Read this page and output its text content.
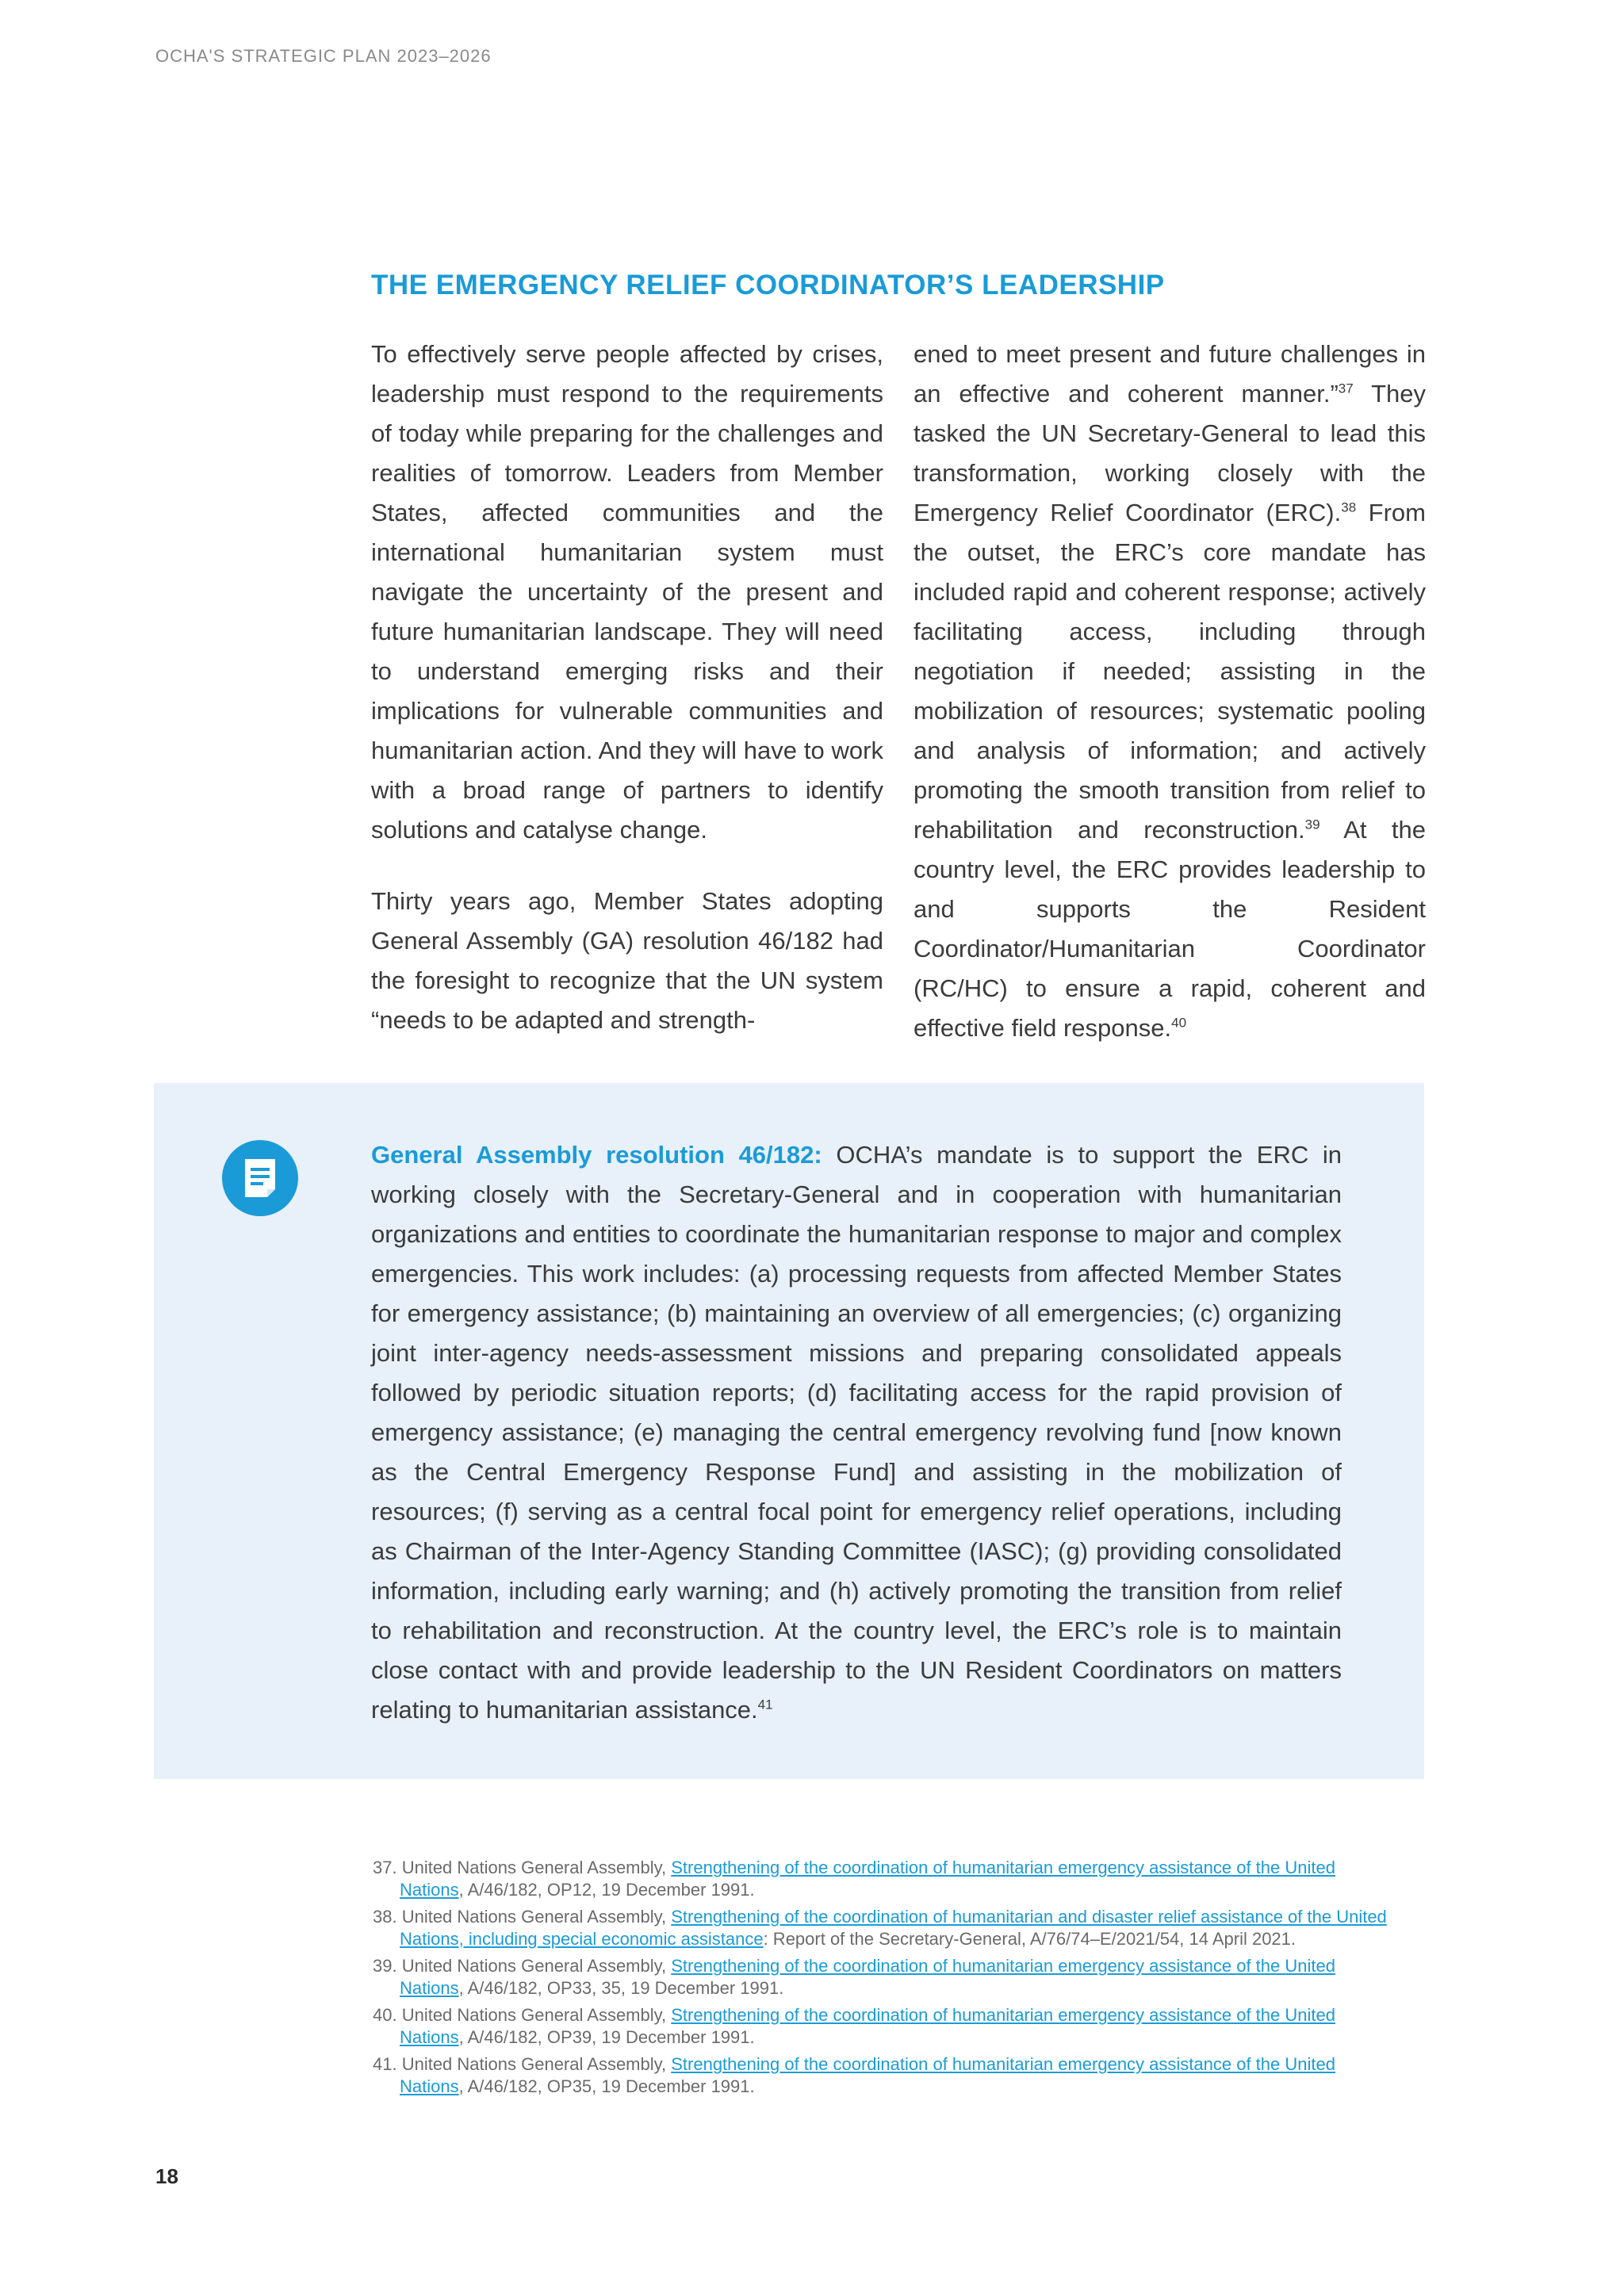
OCHA'S STRATEGIC PLAN 2023–2026
THE EMERGENCY RELIEF COORDINATOR’S LEADERSHIP

To effectively serve people affected by crises, leadership must respond to the requirements of today while preparing for the challenges and realities of tomorrow. Leaders from Member States, affected communities and the international humanitarian system must navigate the uncertainty of the present and future humanitarian landscape. They will need to understand emerging risks and their implications for vulnerable communities and humanitarian action. And they will have to work with a broad range of partners to identify solutions and catalyse change.

Thirty years ago, Member States adopting General Assembly (GA) resolution 46/182 had the foresight to recognize that the UN system “needs to be adapted and strength-

ened to meet present and future challenges in an effective and coherent manner.”$^{37}$ They tasked the UN Secretary-General to lead this transformation, working closely with the Emergency Relief Coordinator (ERC).$^{38}$ From the outset, the ERC’s core mandate has included rapid and coherent response; actively facilitating access, including through negotiation if needed; assisting in the mobilization of resources; systematic pooling and analysis of information; and actively promoting the smooth transition from relief to rehabilitation and reconstruction.$^{39}$ At the country level, the ERC provides leadership to and supports the Resident Coordinator/Humanitarian Coordinator (RC/HC) to ensure a rapid, coherent and effective field response.$^{40}$

General Assembly resolution 46/182: OCHA’s mandate is to support the ERC in working closely with the Secretary-General and in cooperation with humanitarian organizations and entities to coordinate the humanitarian response to major and complex emergencies. This work includes: (a) processing requests from affected Member States for emergency assistance; (b) maintaining an overview of all emergencies; (c) organizing joint inter-agency needs-assessment missions and preparing consolidated appeals followed by periodic situation reports; (d) facilitating access for the rapid provision of emergency assistance; (e) managing the central emergency revolving fund [now known as the Central Emergency Response Fund] and assisting in the mobilization of resources; (f) serving as a central focal point for emergency relief operations, including as Chairman of the Inter-Agency Standing Committee (IASC); (g) providing consolidated information, including early warning; and (h) actively promoting the transition from relief to rehabilitation and reconstruction. At the country level, the ERC’s role is to maintain close contact with and provide leadership to the UN Resident Coordinators on matters relating to humanitarian assistance.$^{41}$

37. United Nations General Assembly, Strengthening of the coordination of humanitarian emergency assistance of the United Nations, A/46/182, OP12, 19 December 1991.
38. United Nations General Assembly, Strengthening of the coordination of humanitarian and disaster relief assistance of the United Nations, including special economic assistance: Report of the Secretary-General, A/76/74–E/2021/54, 14 April 2021.
39. United Nations General Assembly, Strengthening of the coordination of humanitarian emergency assistance of the United Nations, A/46/182, OP33, 35, 19 December 1991.
40. United Nations General Assembly, Strengthening of the coordination of humanitarian emergency assistance of the United Nations, A/46/182, OP39, 19 December 1991.
41. United Nations General Assembly, Strengthening of the coordination of humanitarian emergency assistance of the United Nations, A/46/182, OP35, 19 December 1991.
18
